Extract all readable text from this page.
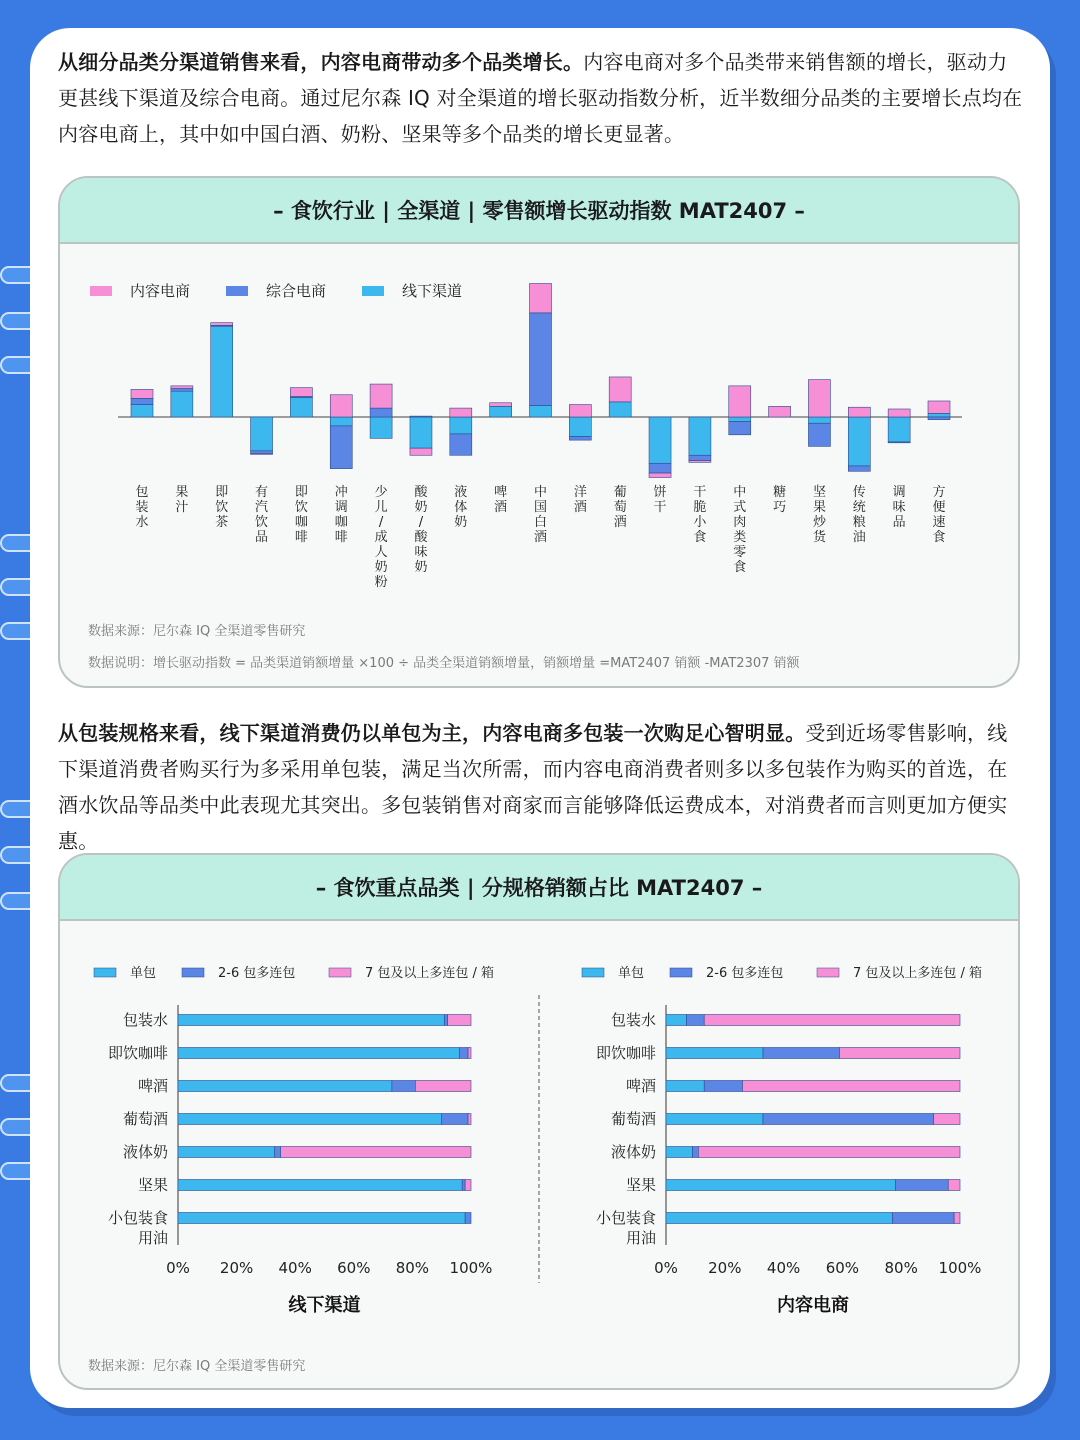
从细分品类分渠道销售来看，内容电商带动多个品类增长。内容电商对多个品类带来销售额的增长，驱动力更甚线下渠道及综合电商。通过尼尔森 IQ 对全渠道的增长驱动指数分析，近半数细分品类的主要增长点均在内容电商上，其中如中国白酒、奶粉、坚果等多个品类的增长更显著。
– 食饮行业 | 全渠道 | 零售额增长驱动指数 MAT2407 –
内容电商	综合电商	线下渠道
包装水
果汁
即饮茶
有汽饮品
即饮咖啡
冲调咖啡
少儿/成人奶粉
酸奶/酸味奶
液体奶
啤酒
中国白酒
洋酒
葡萄酒
饼干
干脆小食
中式肉类零食
糖巧
坚果炒货
传统粮油
调味品
方便速食
数据来源：尼尔森 IQ 全渠道零售研究
数据说明：增长驱动指数 = 品类渠道销额增量 ×100 ÷ 品类全渠道销额增量，销额增量 =MAT2407 销额 -MAT2307 销额
从包装规格来看，线下渠道消费仍以单包为主，内容电商多包装一次购足心智明显。受到近场零售影响，线下渠道消费者购买行为多采用单包装，满足当次所需，而内容电商消费者则多以多包装作为购买的首选，在酒水饮品等品类中此表现尤其突出。多包装销售对商家而言能够降低运费成本，对消费者而言则更加方便实惠。
– 食饮重点品类 | 分规格销额占比 MAT2407 –
单包	2-6 包多连包	7 包及以上多连包 / 箱
包装水
即饮咖啡
啤酒
葡萄酒
液体奶
坚果
小包装食
用油
0% 20% 40% 60% 80% 100%
线下渠道
单包	2-6 包多连包	7 包及以上多连包 / 箱
包装水
即饮咖啡
啤酒
葡萄酒
液体奶
坚果
小包装食
用油
0% 20% 40% 60% 80% 100%
内容电商
数据来源：尼尔森 IQ 全渠道零售研究
